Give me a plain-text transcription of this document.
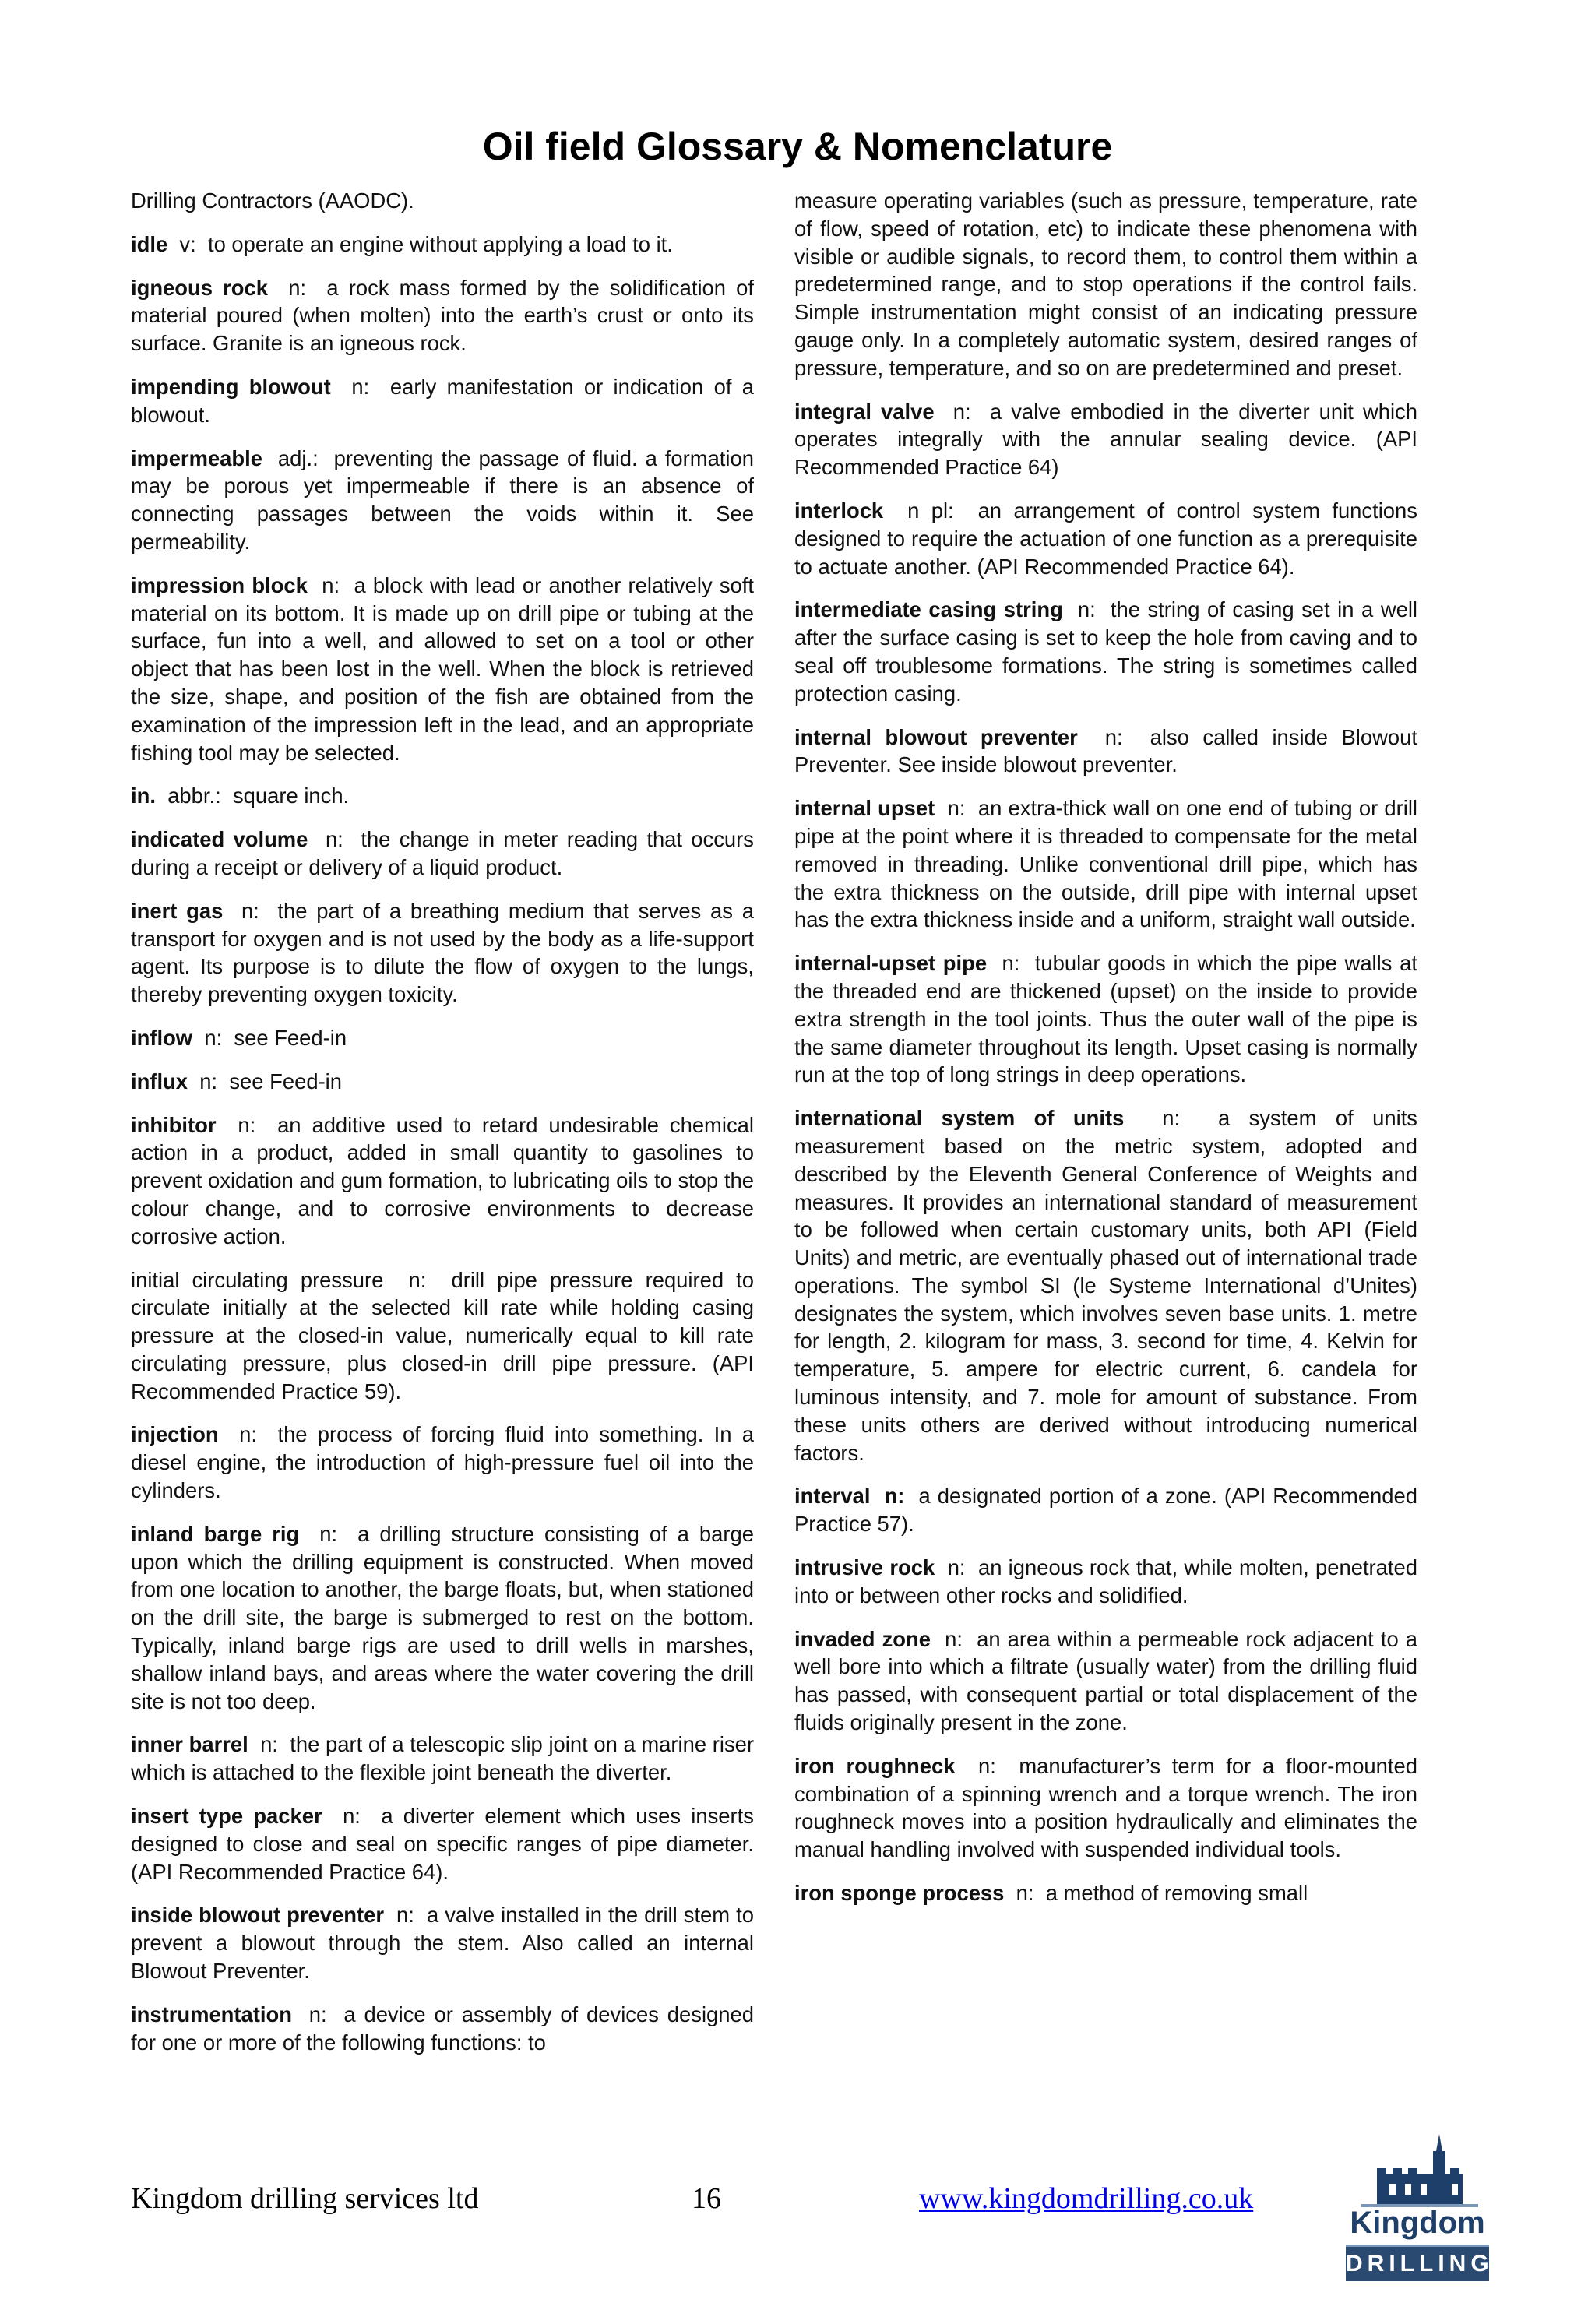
Oil field Glossary & Nomenclature

Drilling Contractors (AAODC).

idle v: to operate an engine without applying a load to it.

igneous rock n: a rock mass formed by the solidification of material poured (when molten) into the earth’s crust or onto its surface. Granite is an igneous rock.

impending blowout n: early manifestation or indication of a blowout.

impermeable adj.: preventing the passage of fluid. a formation may be porous yet impermeable if there is an absence of connecting passages between the voids within it. See permeability.

impression block n: a block with lead or another relatively soft material on its bottom. It is made up on drill pipe or tubing at the surface, fun into a well, and allowed to set on a tool or other object that has been lost in the well. When the block is retrieved the size, shape, and position of the fish are obtained from the examination of the impression left in the lead, and an appropriate fishing tool may be selected.

in. abbr.: square inch.

indicated volume n: the change in meter reading that occurs during a receipt or delivery of a liquid product.

inert gas n: the part of a breathing medium that serves as a transport for oxygen and is not used by the body as a life-support agent. Its purpose is to dilute the flow of oxygen to the lungs, thereby preventing oxygen toxicity.

inflow n: see Feed-in

influx n: see Feed-in

inhibitor n: an additive used to retard undesirable chemical action in a product, added in small quantity to gasolines to prevent oxidation and gum formation, to lubricating oils to stop the colour change, and to corrosive environments to decrease corrosive action.

initial circulating pressure n: drill pipe pressure required to circulate initially at the selected kill rate while holding casing pressure at the closed-in value, numerically equal to kill rate circulating pressure, plus closed-in drill pipe pressure. (API Recommended Practice 59).

injection n: the process of forcing fluid into something. In a diesel engine, the introduction of high-pressure fuel oil into the cylinders.

inland barge rig n: a drilling structure consisting of a barge upon which the drilling equipment is constructed. When moved from one location to another, the barge floats, but, when stationed on the drill site, the barge is submerged to rest on the bottom. Typically, inland barge rigs are used to drill wells in marshes, shallow inland bays, and areas where the water covering the drill site is not too deep.

inner barrel n: the part of a telescopic slip joint on a marine riser which is attached to the flexible joint beneath the diverter.

insert type packer n: a diverter element which uses inserts designed to close and seal on specific ranges of pipe diameter. (API Recommended Practice 64).

inside blowout preventer n: a valve installed in the drill stem to prevent a blowout through the stem. Also called an internal Blowout Preventer.

instrumentation n: a device or assembly of devices designed for one or more of the following functions: to

measure operating variables (such as pressure, temperature, rate of flow, speed of rotation, etc) to indicate these phenomena with visible or audible signals, to record them, to control them within a predetermined range, and to stop operations if the control fails. Simple instrumentation might consist of an indicating pressure gauge only. In a completely automatic system, desired ranges of pressure, temperature, and so on are predetermined and preset.

integral valve n: a valve embodied in the diverter unit which operates integrally with the annular sealing device. (API Recommended Practice 64)

interlock n pl: an arrangement of control system functions designed to require the actuation of one function as a prerequisite to actuate another. (API Recommended Practice 64).

intermediate casing string n: the string of casing set in a well after the surface casing is set to keep the hole from caving and to seal off troublesome formations. The string is sometimes called protection casing.

internal blowout preventer n: also called inside Blowout Preventer. See inside blowout preventer.

internal upset n: an extra-thick wall on one end of tubing or drill pipe at the point where it is threaded to compensate for the metal removed in threading. Unlike conventional drill pipe, which has the extra thickness on the outside, drill pipe with internal upset has the extra thickness inside and a uniform, straight wall outside.

internal-upset pipe n: tubular goods in which the pipe walls at the threaded end are thickened (upset) on the inside to provide extra strength in the tool joints. Thus the outer wall of the pipe is the same diameter throughout its length. Upset casing is normally run at the top of long strings in deep operations.

international system of units n: a system of units measurement based on the metric system, adopted and described by the Eleventh General Conference of Weights and measures. It provides an international standard of measurement to be followed when certain customary units, both API (Field Units) and metric, are eventually phased out of international trade operations. The symbol SI (le Systeme International d’Unites) designates the system, which involves seven base units. 1. metre for length, 2. kilogram for mass, 3. second for time, 4. Kelvin for temperature, 5. ampere for electric current, 6. candela for luminous intensity, and 7. mole for amount of substance. From these units others are derived without introducing numerical factors.

interval n: a designated portion of a zone. (API Recommended Practice 57).

intrusive rock n: an igneous rock that, while molten, penetrated into or between other rocks and solidified.

invaded zone n: an area within a permeable rock adjacent to a well bore into which a filtrate (usually water) from the drilling fluid has passed, with consequent partial or total displacement of the fluids originally present in the zone.

iron roughneck n: manufacturer’s term for a floor-mounted combination of a spinning wrench and a torque wrench. The iron roughneck moves into a position hydraulically and eliminates the manual handling involved with suspended individual tools.

iron sponge process n: a method of removing small

Kingdom drilling services ltd	16	www.kingdomdrilling.co.uk
Kingdom
DRILLING
